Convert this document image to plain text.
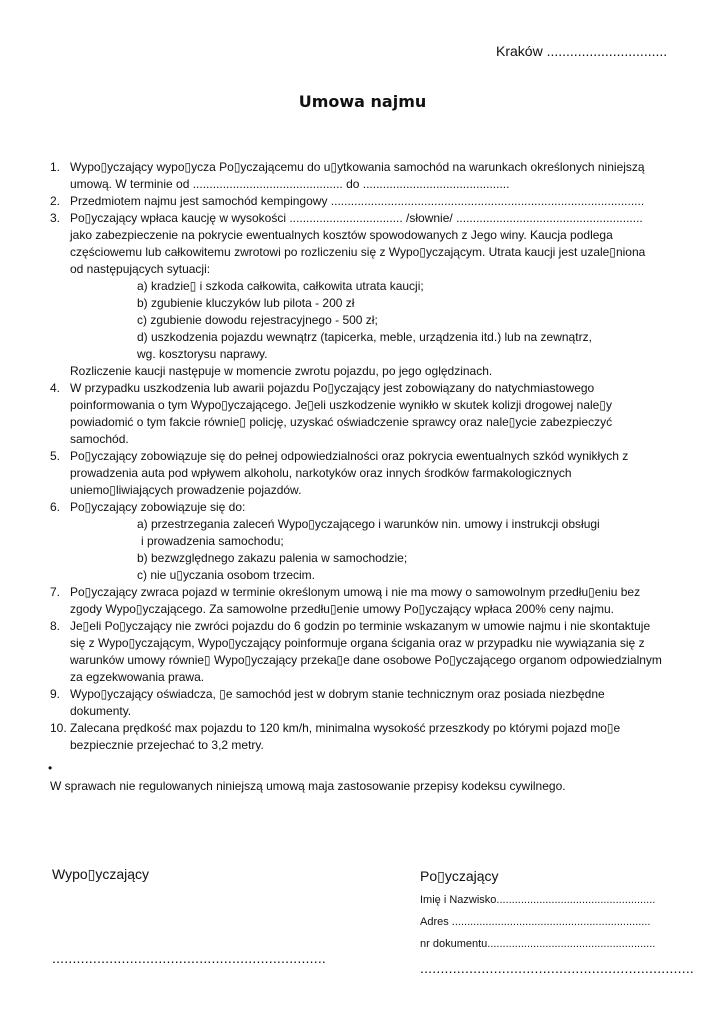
Kraków ...............................
Umowa najmu
1. Wypo▯yczający wypo▯ycza Po▯yczającemu do u▯ytkowania samochód na warunkach określonych niniejszą
umową. W terminie od ............................................. do ............................................
2. Przedmiotem najmu jest samochód kempingowy ..............................................................................................
3. Po▯yczający wpłaca kaucję w wysokości .................................. /słownie/ ........................................................
jako zabezpieczenie na pokrycie ewentualnych kosztów spowodowanych z Jego winy. Kaucja podlega
częściowemu lub całkowitemu zwrotowi po rozliczeniu się z Wypo▯yczającym. Utrata kaucji jest uzale▯niona
od następujących sytuacji:
a) kradzie▯ i szkoda całkowita, całkowita utrata kaucji;
b) zgubienie kluczyków lub pilota - 200 zł
c) zgubienie dowodu rejestracyjnego - 500 zł;
d) uszkodzenia pojazdu wewnątrz (tapicerka, meble, urządzenia itd.) lub na zewnątrz,
wg. kosztorysu naprawy.
Rozliczenie kaucji następuje w momencie zwrotu pojazdu, po jego oględzinach.
4. W przypadku uszkodzenia lub awarii pojazdu Po▯yczający jest zobowiązany do natychmiastowego
poinformowania o tym Wypo▯yczającego. Je▯eli uszkodzenie wynikło w skutek kolizji drogowej nale▯y
powiadomić o tym fakcie równie▯ policję, uzyskać oświadczenie sprawcy oraz nale▯ycie zabezpieczyć
samochód.
5. Po▯yczający zobowiązuje się do pełnej odpowiedzialności oraz pokrycia ewentualnych szkód wynikłych z
prowadzenia auta pod wpływem alkoholu, narkotyków oraz innych środków farmakologicznych
uniemo▯liwiających prowadzenie pojazdów.
6. Po▯yczający zobowiązuje się do:
a) przestrzegania zaleceń Wypo▯yczającego i warunków nin. umowy i instrukcji obsługi
i prowadzenia samochodu;
b) bezwzględnego zakazu palenia w samochodzie;
c) nie u▯yczania osobom trzecim.
7. Po▯yczający zwraca pojazd w terminie określonym umową i nie ma mowy o samowolnym przedłu▯eniu bez
zgody Wypo▯yczającego. Za samowolne przedłu▯enie umowy Po▯yczający wpłaca 200% ceny najmu.
8. Je▯eli Po▯yczający nie zwróci pojazdu do 6 godzin po terminie wskazanym w umowie najmu i nie skontaktuje
się z Wypo▯yczającym, Wypo▯yczający poinformuje organa ścigania oraz w przypadku nie wywiązania się z
warunków umowy równie▯ Wypo▯yczający przeka▯e dane osobowe Po▯yczającego organom odpowiedzialnym
za egzekwowania prawa.
9. Wypo▯yczający oświadcza, ▯e samochód jest w dobrym stanie technicznym oraz posiada niezbędne
dokumenty.
10. Zalecana prędkość max pojazdu to 120 km/h, minimalna wysokość przeszkody po którymi pojazd mo▯e
bezpiecznie przejechać to 3,2 metry.
•
W sprawach nie regulowanych niniejszą umową maja zastosowanie przepisy kodeksu cywilnego.
Wypo▯yczający
...................................................................
Po▯yczający
Imię i Nazwisko....................................................
Adres .................................................................
nr dokumentu.......................................................
...................................................................
